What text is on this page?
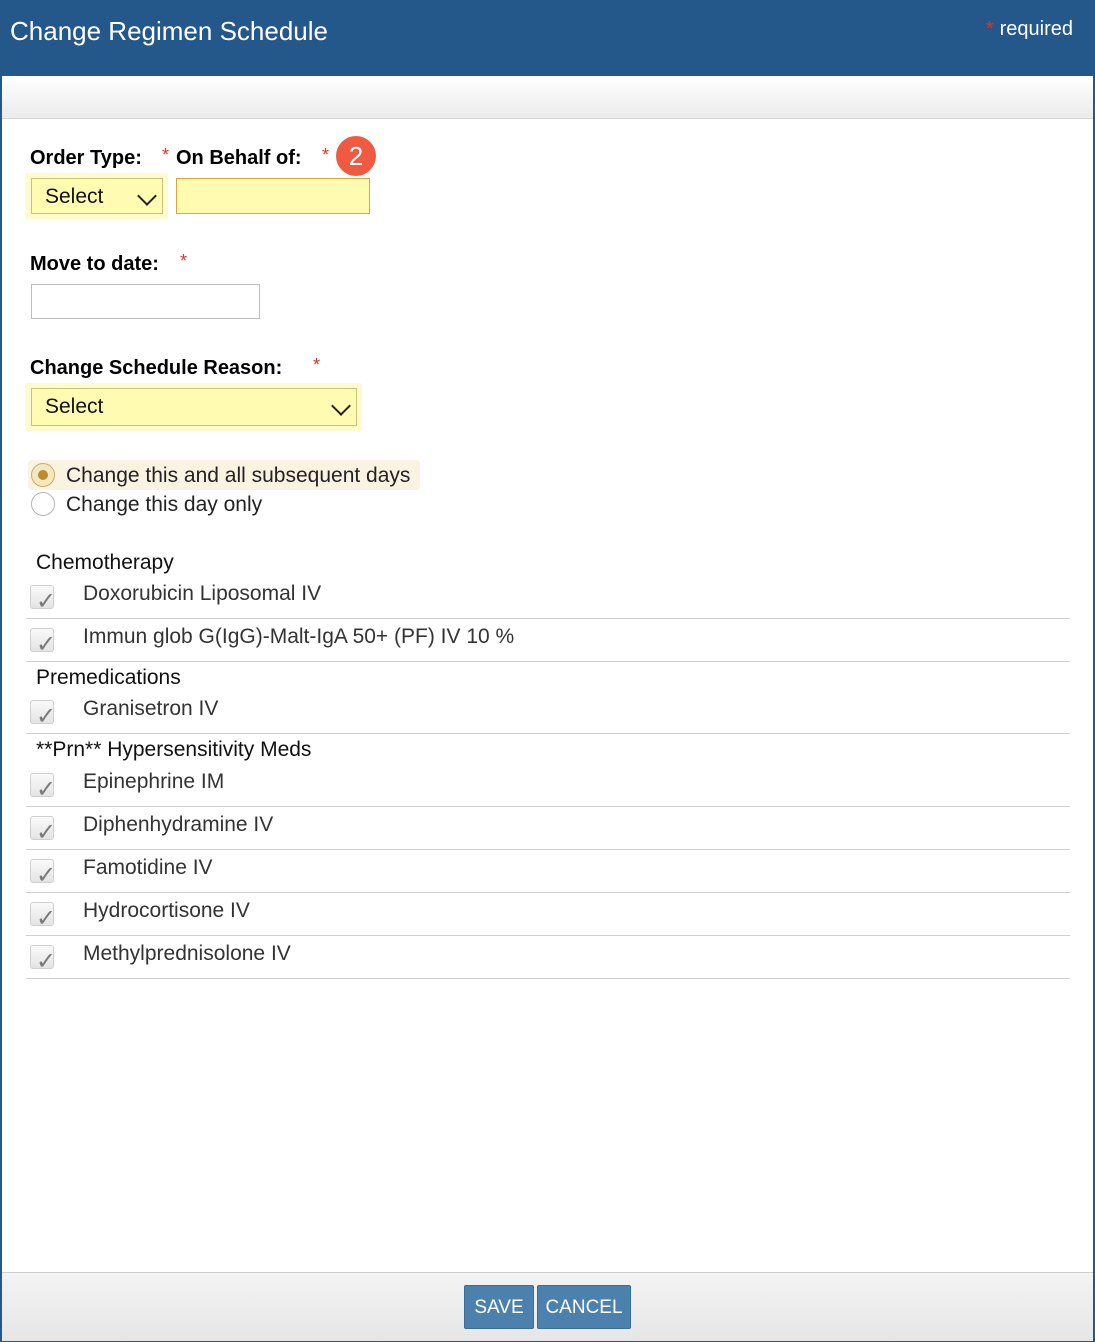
Change Regimen Schedule	* required
Order Type: *
Select
On Behalf of: * 2
Move to date: *
Change Schedule Reason: *
Select
Change this and all subsequent days
Change this day only
Chemotherapy
✓ Doxorubicin Liposomal IV
✓ Immun glob G(IgG)-Malt-IgA 50+ (PF) IV 10 %
Premedications
✓ Granisetron IV
**Prn** Hypersensitivity Meds
✓ Epinephrine IM
✓ Diphenhydramine IV
✓ Famotidine IV
✓ Hydrocortisone IV
✓ Methylprednisolone IV
SAVE	CANCEL
